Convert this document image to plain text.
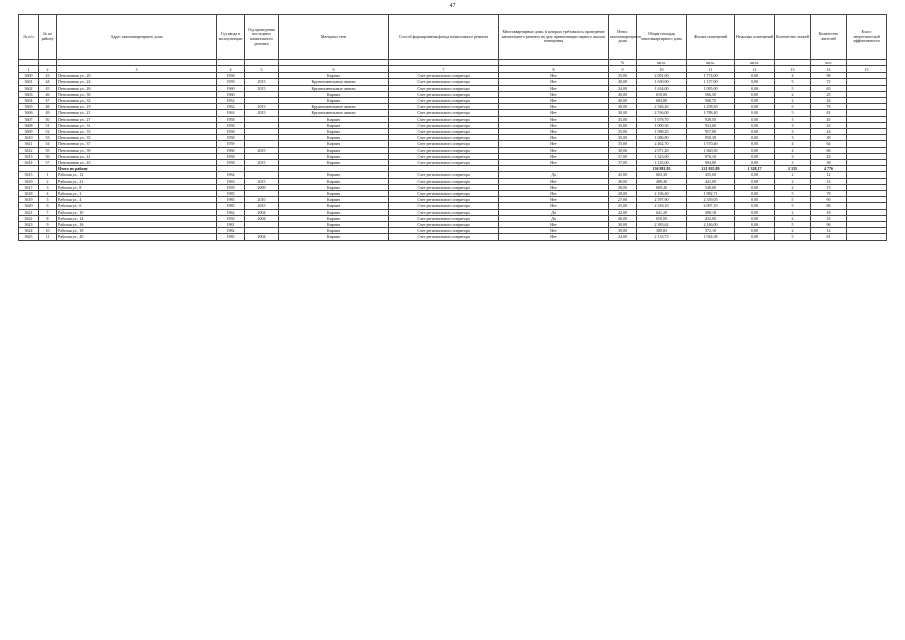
47
№ п/п	№ по району	Адрес многоквартирного дома	Год ввода в эксплуатацию	Год проведения последнего капитального ремонта	Материал стен	Способ формирования фонда капитального ремонта	Многоквартирные дома, в которых требовалось проведение капитального ремонта на дату приватизации первого жилого помещения	Износ многоквартирного дома	Общая площадь многоквартирного дома	Жилых помещений	Нежилых помещений	Количество этажей	Количество жителей	Класс энергетической эффективности
								%	кв.м.	кв.м.	кв.м.		чел.	
1	2	3	4	5	6	7	8	9	10	11	12	13	14	15
3600	43	Пенсионная ул., 20	1958		Кирпич	Счет регионального оператора	Нет	35,00	2 091,00	1 774,00	0,00	4	98	
3601	44	Пенсионная ул., 24	1959	2015	Крупнопанельные панели	Счет регионального оператора	Нет	40,00	1 630,00	1 137,00	0,00	5	72	
3602	45	Пенсионная ул., 26	1960	2015	Крупнопанельные панели	Счет регионального оператора	Нет	34,00	1 634,00	1 095,00	0,00	5	65	
3603	46	Пенсионная ул., 30	1960		Кирпич	Счет регионального оператора	Нет	40,00	610,00	506,50	0,00	2	25	
3604	47	Пенсионная ул., 32	1952		Кирпич	Счет регионального оператора	Нет	40,00	684,80	568,70	0,00	2	24	
3605	48	Пенсионная ул., 19	1962	2015	Крупнопанельные панели	Счет регионального оператора	Нет	30,00	2 546,40	1 258,50	0,00	5	78	
3606	49	Пенсионная ул., 21	1963	2015	Крупнопанельные панели	Счет регионального оператора	Нет	30,00	2 536,00	1 788,40	0,00	5	81	
3607	50	Пенсионная ул., 27	1958		Кирпич	Счет регионального оператора	Нет	35,00	1 078,70	928,50	0,00	3	45	
3608	51	Пенсионная ул., 31	1958		Кирпич	Счет регионального оператора	Нет	35,00	1 090,30	932,60	0,00	3	43	
3609	52	Пенсионная ул., 33	1958		Кирпич	Счет регионального оператора	Нет	35,00	1 088,20	957,80	0,00	3	44	
3610	53	Пенсионная ул., 35	1958		Кирпич	Счет регионального оператора	Нет	35,00	1 086,80	950,30	0,00	3	38	
3611	54	Пенсионная ул., 37	1959		Кирпич	Счет регионального оператора	Нет	35,00	2 462,70	1 570,40	0,00	4	64	
3612	55	Пенсионная ул., 39	1960	2015	Кирпич	Счет регионального оператора	Нет	30,00	2 071,20	1 660,30	0,00	4	68	
3613	56	Пенсионная ул., 41	1958		Кирпич	Счет регионального оператора	Нет	37,00	1 323,00	976,10	0,00	3	42	
3614	57	Пенсионная ул., 43	1958	2015	Кирпич	Счет регионального оператора	Нет	37,00	1 125,00	904,80	0,00	3	38	
		Итого по району							136 881,83	121 035,89	1 328,17	2 335	4 776	
3615	1	Рабочая ул., 12	1964		Кирпич	Счет регионального оператора	Да	45,00	602,30	455,00	0,00	2	12	
3616	2	Рабочая ул., 21	1963	2015	Кирпич	Счет регионального оператора	Нет	40,00	480,40	441,00	0,00	2	14	
3617	3	Рабочая ул., 8	1959	2009	Кирпич	Счет регионального оператора	Нет	38,00	609,40	540,00	0,00	2	15	
3618	4	Рабочая ул., 2	1985		Кирпич	Счет регионального оператора	Нет	28,00	2 196,40	1 982,71	0,00	5	78	
3619	5	Рабочая ул., 4	1985	2010	Кирпич	Счет регионального оператора	Нет	27,00	2 597,90	2 339,05	0,00	5	90	
3620	6	Рабочая ул., 6	1985	2015	Кирпич	Счет регионального оператора	Нет	25,00	2 316,10	2 097,10	0,00	5	86	
3621	7	Рабочая ул., 10	1962	2004	Кирпич	Счет регионального оператора	Да	42,00	641,20	498,18	0,00	2	18	
3622	8	Рабочая ул., 14	1950	2004	Кирпич	Счет регионального оператора	Да	46,00	650,00	432,00	0,00	2	16	
3623	9	Рабочая ул., 16	1981		Кирпич	Счет регионального оператора	Нет	30,00	2 383,62	2 146,00	0,00	5	96	
3624	10	Рабочая ул., 18	1982		Кирпич	Счет регионального оператора	Нет	30,00	380,83	372,10	0,00	2	14	
3625	11	Рабочая ул., 20	1985	2004	Кирпич	Счет регионального оператора	Нет	24,00	2 133,73	1 924,38	0,00	5	81	
